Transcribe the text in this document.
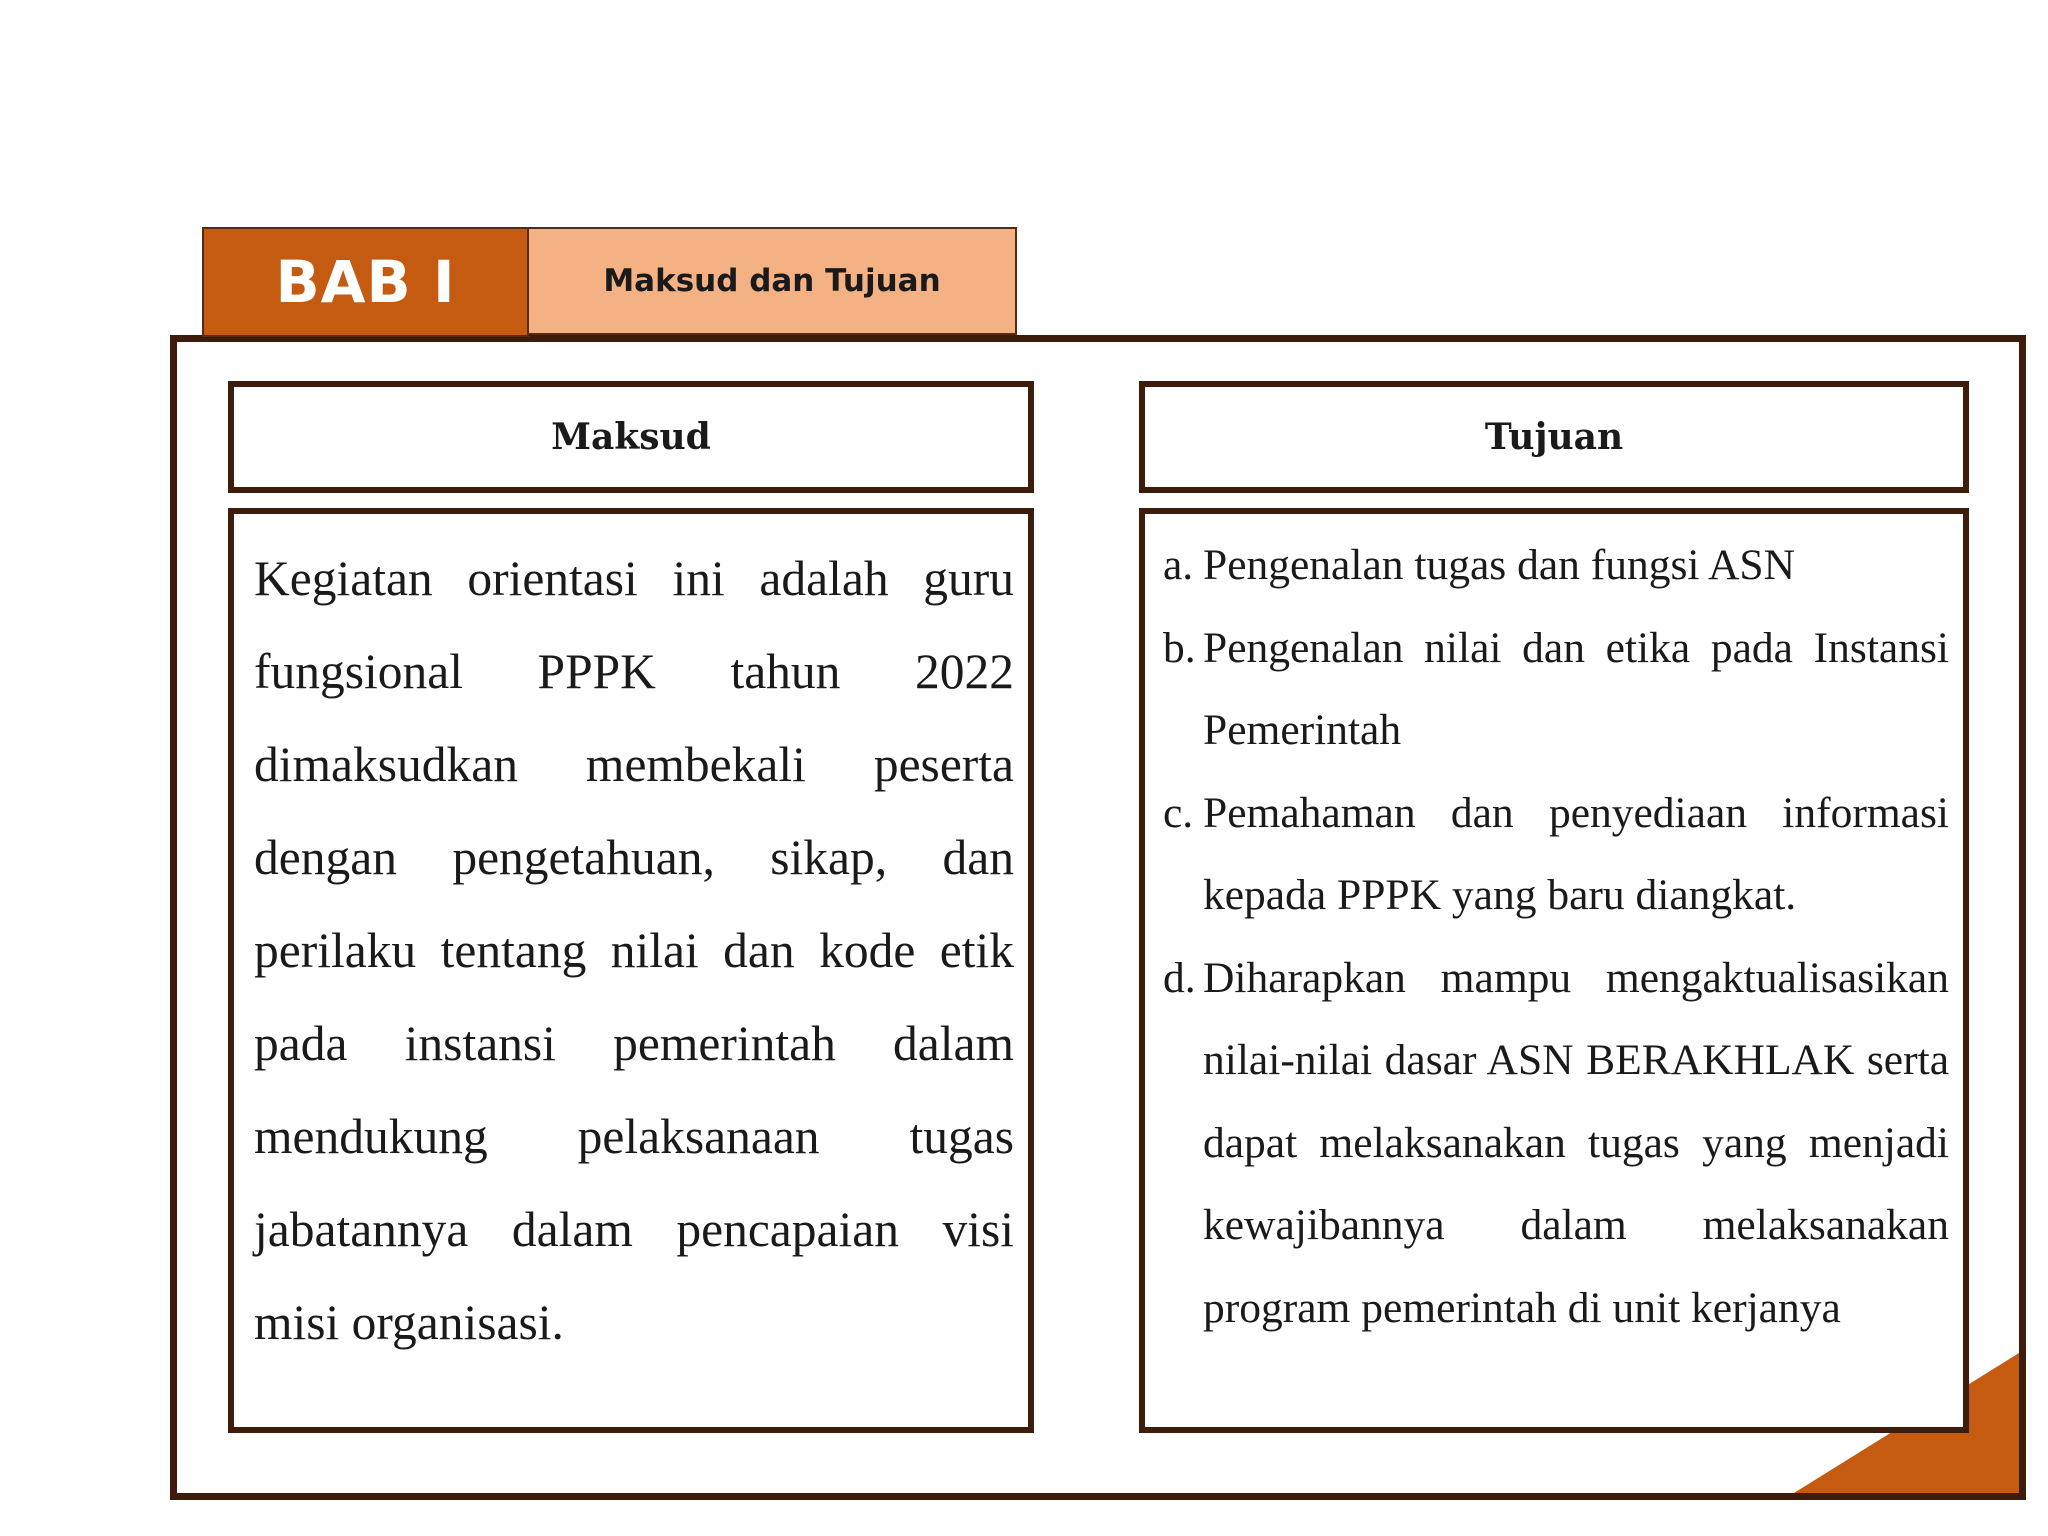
BAB I	Maksud dan Tujuan
Maksud	Tujuan

Kegiatan orientasi ini adalah guru fungsional PPPK tahun 2022 dimaksudkan membekali peserta dengan pengetahuan, sikap, dan perilaku tentang nilai dan kode etik pada instansi pemerintah dalam mendukung pelaksanaan tugas jabatannya dalam pencapaian visi misi organisasi.

a. Pengenalan tugas dan fungsi ASN
b. Pengenalan nilai dan etika pada Instansi Pemerintah
c. Pemahaman dan penyediaan informasi kepada PPPK yang baru diangkat.
d. Diharapkan mampu mengaktualisasikan nilai-nilai dasar ASN BERAKHLAK serta dapat melaksanakan tugas yang menjadi kewajibannya dalam melaksanakan program pemerintah di unit kerjanya
